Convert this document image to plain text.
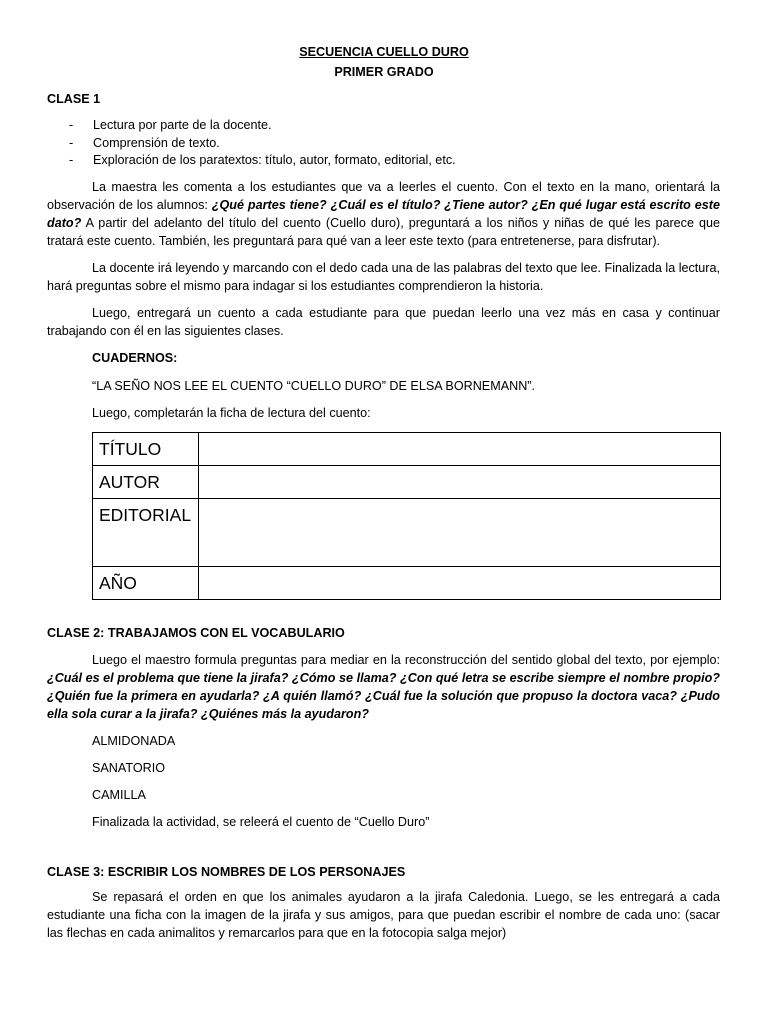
SECUENCIA CUELLO DURO
PRIMER GRADO
CLASE 1
- Lectura por parte de la docente.
- Comprensión de texto.
- Exploración de los paratextos: título, autor, formato, editorial, etc.

La maestra les comenta a los estudiantes que va a leerles el cuento. Con el texto en la mano, orientará la observación de los alumnos: ¿Qué partes tiene? ¿Cuál es el título? ¿Tiene autor? ¿En qué lugar está escrito este dato? A partir del adelanto del título del cuento (Cuello duro), preguntará a los niños y niñas de qué les parece que tratará este cuento. También, les preguntará para qué van a leer este texto (para entretenerse, para disfrutar).

La docente irá leyendo y marcando con el dedo cada una de las palabras del texto que lee. Finalizada la lectura, hará preguntas sobre el mismo para indagar si los estudiantes comprendieron la historia.

Luego, entregará un cuento a cada estudiante para que puedan leerlo una vez más en casa y continuar trabajando con él en las siguientes clases.

CUADERNOS:
“LA SEÑO NOS LEE EL CUENTO “CUELLO DURO” DE ELSA BORNEMANN”.
Luego, completarán la ficha de lectura del cuento:
TÍTULO	
AUTOR	
EDITORIAL	
AÑO	
CLASE 2: TRABAJAMOS CON EL VOCABULARIO

Luego el maestro formula preguntas para mediar en la reconstrucción del sentido global del texto, por ejemplo: ¿Cuál es el problema que tiene la jirafa? ¿Cómo se llama? ¿Con qué letra se escribe siempre el nombre propio? ¿Quién fue la primera en ayudarla? ¿A quién llamó? ¿Cuál fue la solución que propuso la doctora vaca? ¿Pudo ella sola curar a la jirafa? ¿Quiénes más la ayudaron?

ALMIDONADA
SANATORIO
CAMILLA
Finalizada la actividad, se releerá el cuento de “Cuello Duro”
CLASE 3: ESCRIBIR LOS NOMBRES DE LOS PERSONAJES

Se repasará el orden en que los animales ayudaron a la jirafa Caledonia. Luego, se les entregará a cada estudiante una ficha con la imagen de la jirafa y sus amigos, para que puedan escribir el nombre de cada uno: (sacar las flechas en cada animalitos y remarcarlos para que en la fotocopia salga mejor)
